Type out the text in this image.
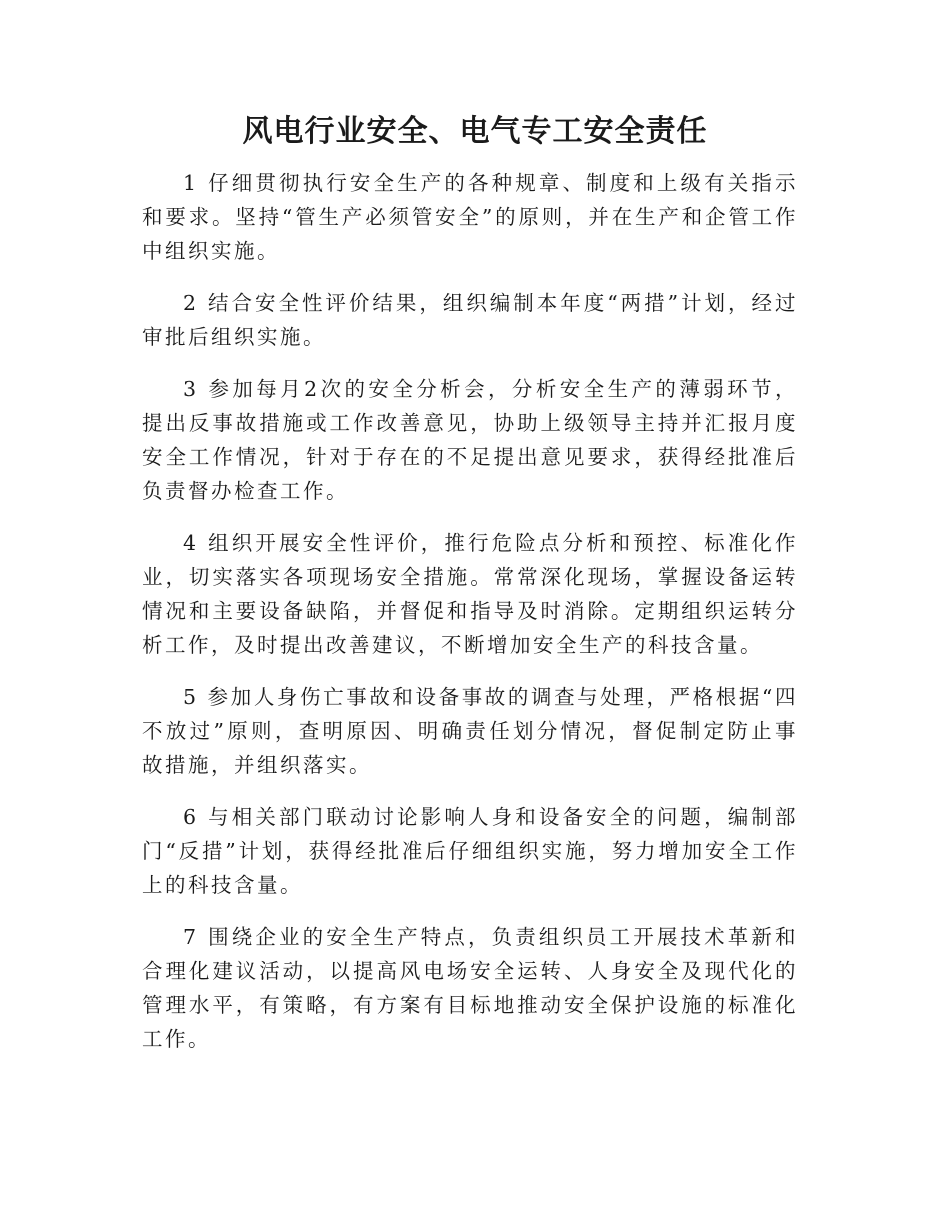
风电行业安全、电气专工安全责任

1 仔细贯彻执行安全生产的各种规章、制度和上级有关指示和要求。坚持“管生产必须管安全”的原则，并在生产和企管工作中组织实施。

2 结合安全性评价结果，组织编制本年度“两措”计划，经过审批后组织实施。

3 参加每月2次的安全分析会，分析安全生产的薄弱环节，提出反事故措施或工作改善意见，协助上级领导主持并汇报月度安全工作情况，针对于存在的不足提出意见要求，获得经批准后负责督办检查工作。

4 组织开展安全性评价，推行危险点分析和预控、标准化作业，切实落实各项现场安全措施。常常深化现场，掌握设备运转情况和主要设备缺陷，并督促和指导及时消除。定期组织运转分析工作，及时提出改善建议，不断增加安全生产的科技含量。

5 参加人身伤亡事故和设备事故的调查与处理，严格根据“四不放过”原则，查明原因、明确责任划分情况，督促制定防止事故措施，并组织落实。

6 与相关部门联动讨论影响人身和设备安全的问题，编制部门“反措”计划，获得经批准后仔细组织实施，努力增加安全工作上的科技含量。

7 围绕企业的安全生产特点，负责组织员工开展技术革新和合理化建议活动，以提高风电场安全运转、人身安全及现代化的管理水平，有策略，有方案有目标地推动安全保护设施的标准化工作。
